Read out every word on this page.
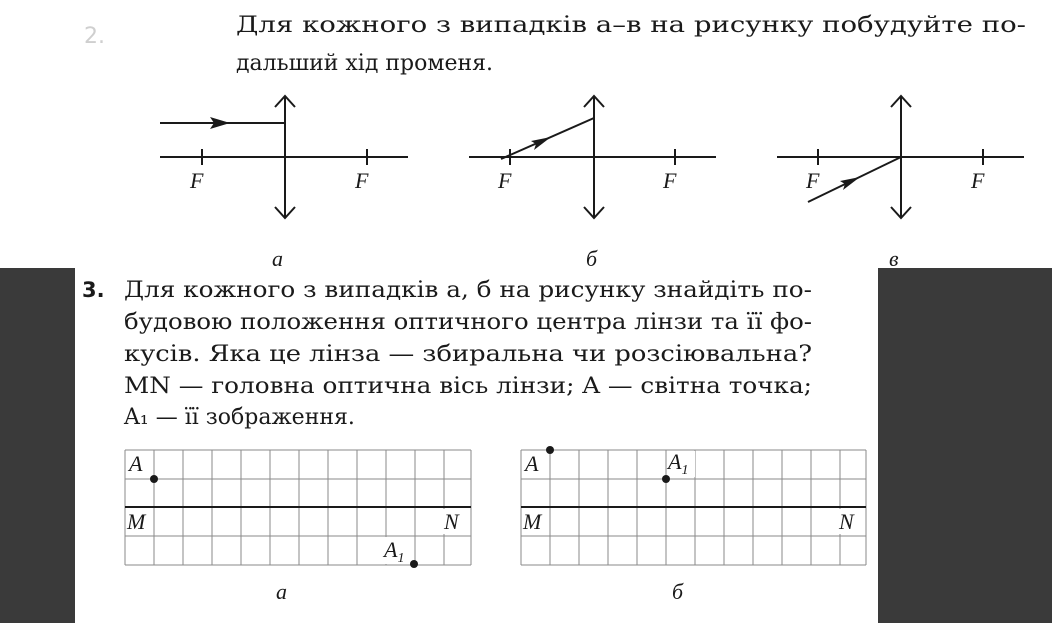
2.	Для кожного з випадків а–в на рисунку побудуйте по-
дальший хід променя.
F	F
а
F	F
б
F	F
в
3. Для кожного з випадків а, б на рисунку знайдіть по-
будовою положення оптичного центра лінзи та її фо-
кусів. Яка це лінза — збиральна чи розсіювальна?
MN — головна оптична вісь лінзи; A — світна точка;
A₁ — її зображення.
A
M	N
$A_1$
а
A	$A_1$
M	N
б
